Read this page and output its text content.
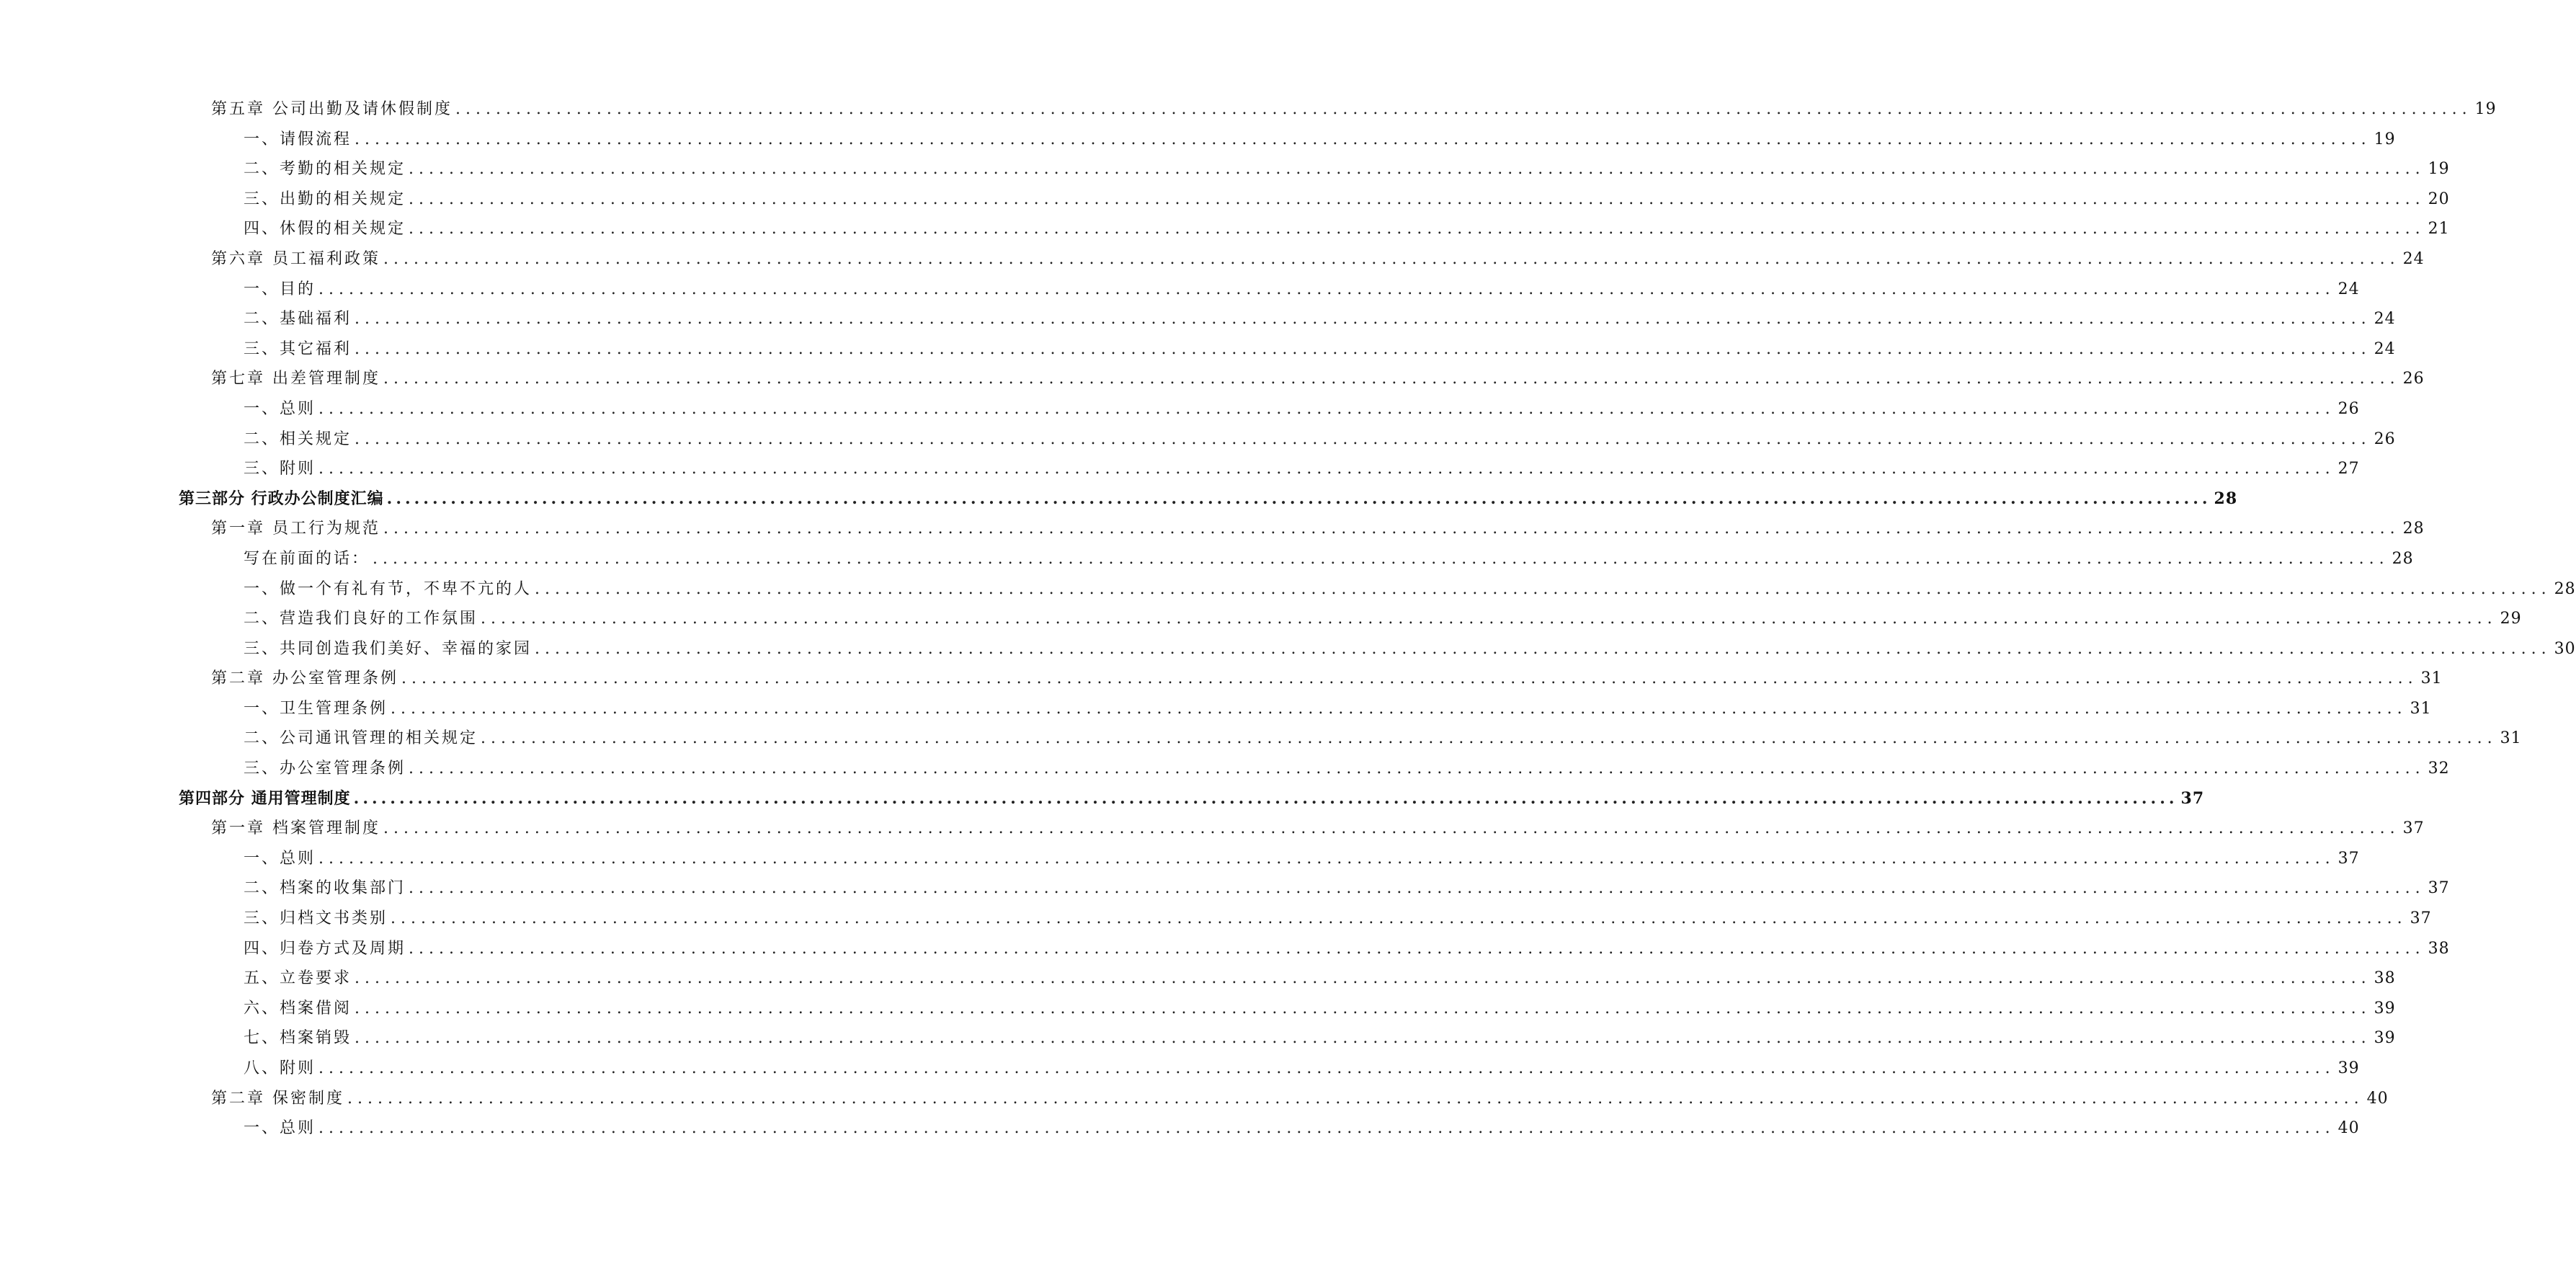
第五章 公司出勤及请休假制度 ........................................................................................................................................................................................................ 19
一、请假流程 ........................................................................................................................................................................................................ 19
二、考勤的相关规定 ........................................................................................................................................................................................................ 19
三、出勤的相关规定 ........................................................................................................................................................................................................ 20
四、休假的相关规定 ........................................................................................................................................................................................................ 21
第六章 员工福利政策 ........................................................................................................................................................................................................ 24
一、目的 ........................................................................................................................................................................................................ 24
二、基础福利 ........................................................................................................................................................................................................ 24
三、其它福利 ........................................................................................................................................................................................................ 24
第七章 出差管理制度 ........................................................................................................................................................................................................ 26
一、总则 ........................................................................................................................................................................................................ 26
二、相关规定 ........................................................................................................................................................................................................ 26
三、附则 ........................................................................................................................................................................................................ 27
第三部分 行政办公制度汇编 ........................................................................................................................................................................................................ 28
第一章 员工行为规范 ........................................................................................................................................................................................................ 28
写在前面的话： ........................................................................................................................................................................................................ 28
一、做一个有礼有节，不卑不亢的人 ........................................................................................................................................................................................................ 28
二、营造我们良好的工作氛围 ........................................................................................................................................................................................................ 29
三、共同创造我们美好、幸福的家园 ........................................................................................................................................................................................................ 30
第二章 办公室管理条例 ........................................................................................................................................................................................................ 31
一、卫生管理条例 ........................................................................................................................................................................................................ 31
二、公司通讯管理的相关规定 ........................................................................................................................................................................................................ 31
三、办公室管理条例 ........................................................................................................................................................................................................ 32
第四部分 通用管理制度 ........................................................................................................................................................................................................ 37
第一章 档案管理制度 ........................................................................................................................................................................................................ 37
一、总则 ........................................................................................................................................................................................................ 37
二、档案的收集部门 ........................................................................................................................................................................................................ 37
三、归档文书类别 ........................................................................................................................................................................................................ 37
四、归卷方式及周期 ........................................................................................................................................................................................................ 38
五、立卷要求 ........................................................................................................................................................................................................ 38
六、档案借阅 ........................................................................................................................................................................................................ 39
七、档案销毁 ........................................................................................................................................................................................................ 39
八、附则 ........................................................................................................................................................................................................ 39
第二章 保密制度 ........................................................................................................................................................................................................ 40
一、总则 ........................................................................................................................................................................................................ 40
